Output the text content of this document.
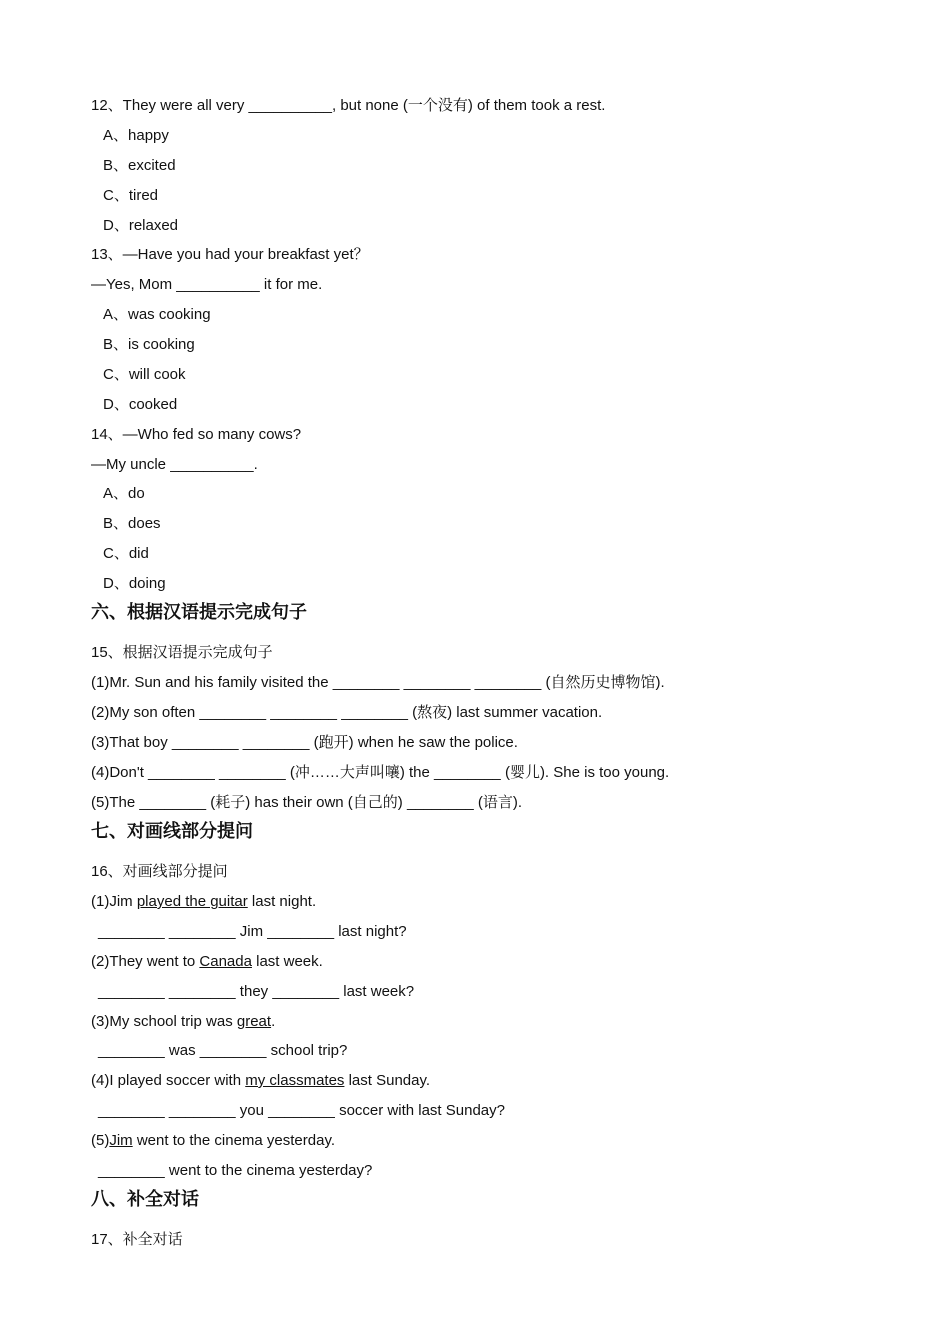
12、They were all very __________, but none (一个没有) of them took a rest.
A、happy
B、excited
C、tired
D、relaxed
13、—Have you had your breakfast yet？
—Yes, Mom __________ it for me.
A、was cooking
B、is cooking
C、will cook
D、cooked
14、—Who fed so many cows?
—My uncle __________.
A、do
B、does
C、did
D、doing
六、根据汉语提示完成句子
15、根据汉语提示完成句子
(1)Mr. Sun and his family visited the ________ ________ ________ (自然历史博物馆).
(2)My son often ________ ________ ________ (熬夜) last summer vacation.
(3)That boy ________ ________ (跑开) when he saw the police.
(4)Don't ________ ________ (冲……大声叫嚷) the ________ (婴儿). She is too young.
(5)The ________ (耗子) has their own (自己的) ________ (语言).
七、对画线部分提问
16、对画线部分提问
(1)Jim played the guitar last night.
________ ________ Jim ________ last night?
(2)They went to Canada last week.
________ ________ they ________ last week?
(3)My school trip was great.
________ was ________ school trip?
(4)I played soccer with my classmates last Sunday.
________ ________ you ________ soccer with last Sunday?
(5)Jim went to the cinema yesterday.
________ went to the cinema yesterday?
八、补全对话
17、补全对话
